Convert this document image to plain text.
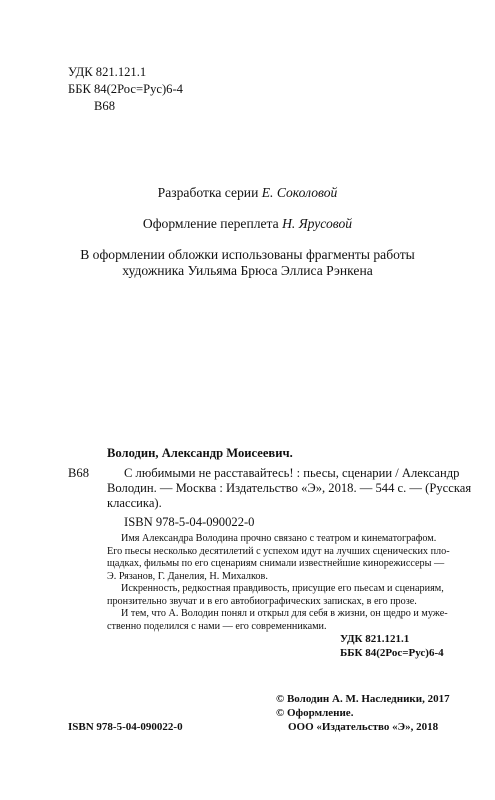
УДК 821.121.1
ББК 84(2Рос=Рус)6-4
В68
Разработка серии Е. Соколовой
Оформление переплета Н. Ярусовой
В оформлении обложки использованы фрагменты работы
художника Уильяма Брюса Эллиса Рэнкена
Володин, Александр Моисеевич.
В68	С любимыми не расставайтесь! : пьесы, сценарии / Александр
Володин. — Москва : Издательство «Э», 2018. — 544 с. — (Русская
классика).
ISBN 978-5-04-090022-0

Имя Александра Володина прочно связано с театром и кинематографом.

Его пьесы несколько десятилетий с успехом идут на лучших сценических пло-

щадках, фильмы по его сценариям снимали известнейшие кинорежиссеры —

Э. Рязанов, Г. Данелия, Н. Михалков.

Искренность, редкостная правдивость, присущие его пьесам и сценариям,

пронзительно звучат и в его автобиографических записках, в его прозе.

И тем, что А. Володин понял и открыл для себя в жизни, он щедро и муже-

ственно поделился с нами — его современниками.

УДК 821.121.1
ББК 84(2Рос=Рус)6-4
© Володин А. М. Наследники, 2017
© Оформление.
ООО «Издательство «Э», 2018
ISBN 978-5-04-090022-0
